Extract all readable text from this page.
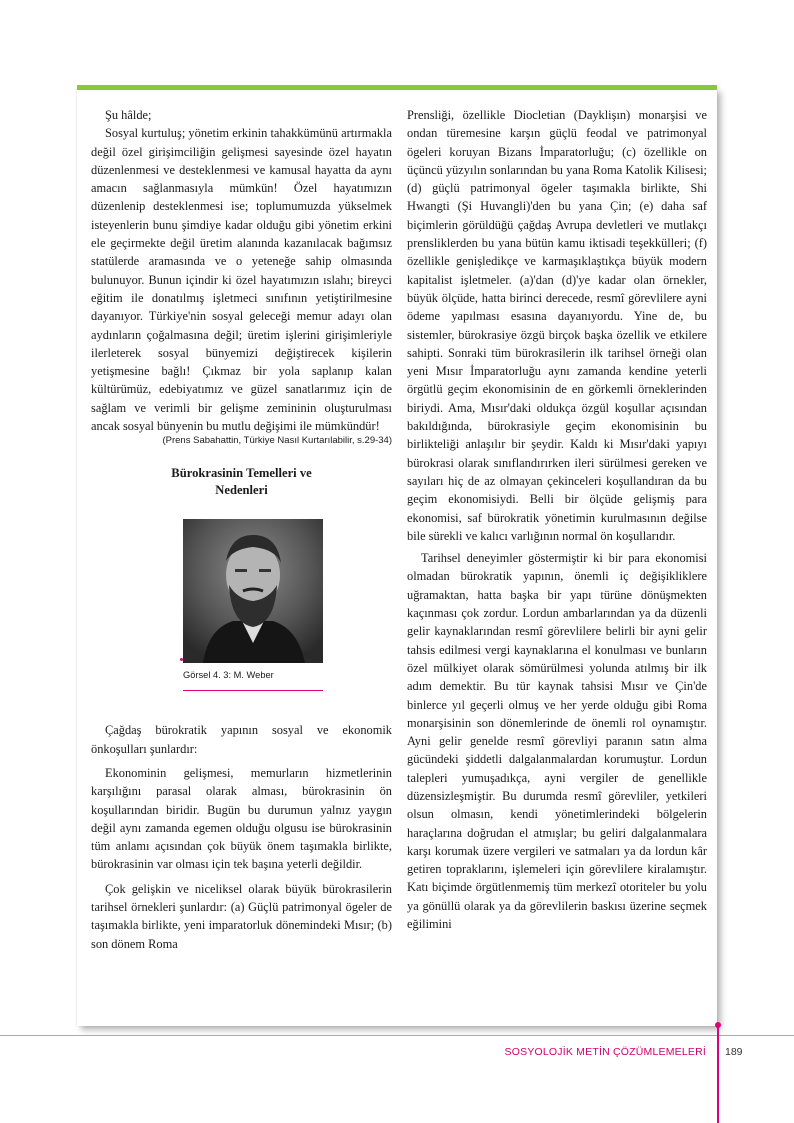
Şu hâlde;

Sosyal kurtuluş; yönetim erkinin tahakkümünü artırmakla değil özel girişimciliğin gelişmesi sayesinde özel hayatın düzenlenmesi ve desteklenmesi ve kamusal hayatta da aynı amacın sağlanmasıyla mümkün! Özel hayatımızın düzenlenip desteklenmesi ise; toplumumuzda yükselmek isteyenlerin bunu şimdiye kadar olduğu gibi yönetim erkini ele geçirmekte değil üretim alanında kazanılacak bağımsız statülerde aramasında ve o yeteneğe sahip olmasında bulunuyor. Bunun içindir ki özel hayatımızın ıslahı; bireyci eğitim ile donatılmış işletmeci sınıfının yetiştirilmesine dayanıyor. Türkiye'nin sosyal geleceği memur adayı olan aydınların çoğalmasına değil; üretim işlerini girişimleriyle ilerleterek sosyal bünyemizi değiştirecek kişilerin yetişmesine bağlı! Çıkmaz bir yola saplanıp kalan kültürümüz, edebiyatımız ve güzel sanatlarımız için de sağlam ve verimli bir gelişme zemininin oluşturulması ancak sosyal bünyenin bu mutlu değişimi ile mümkündür!

(Prens Sabahattin, Türkiye Nasıl Kurtarılabilir, s.29-34)

Bürokrasinin Temelleri ve
Nedenleri
Görsel 4. 3: M. Weber

Çağdaş bürokratik yapının sosyal ve ekonomik önkoşulları şunlardır:

Ekonominin gelişmesi, memurların hizmetlerinin karşılığını parasal olarak alması, bürokrasinin ön koşullarından biridir. Bugün bu durumun yalnız yaygın değil aynı zamanda egemen olduğu olgusu ise bürokrasinin tüm anlamı açısından çok büyük önem taşımakla birlikte, bürokrasinin var olması için tek başına yeterli değildir.

Çok gelişkin ve niceliksel olarak büyük bürokrasilerin tarihsel örnekleri şunlardır: (a) Güçlü patrimonyal ögeler de taşımakla birlikte, yeni imparatorluk dönemindeki Mısır; (b) son dönem Roma

Prensliği, özellikle Diocletian (Dayklişın) monarşisi ve ondan türemesine karşın güçlü feodal ve patrimonyal ögeleri koruyan Bizans İmparatorluğu; (c) özellikle on üçüncü yüzyılın sonlarından bu yana Roma Katolik Kilisesi; (d) güçlü patrimonyal ögeler taşımakla birlikte, Shi Hwangti (Şi Huvangli)'den bu yana Çin; (e) daha saf biçimlerin görüldüğü çağdaş Avrupa devletleri ve mutlakçı prensliklerden bu yana bütün kamu iktisadi teşekkülleri; (f) özellikle genişledikçe ve karmaşıklaştıkça büyük modern kapitalist işletmeler. (a)'dan (d)'ye kadar olan örnekler, büyük ölçüde, hatta birinci derecede, resmî görevlilere ayni ödeme yapılması esasına dayanıyordu. Yine de, bu sistemler, bürokrasiye özgü birçok başka özellik ve etkilere sahipti. Sonraki tüm bürokrasilerin ilk tarihsel örneği olan yeni Mısır İmparatorluğu aynı zamanda kendine yeterli örgütlü geçim ekonomisinin de en görkemli örneklerinden biriydi. Ama, Mısır'daki oldukça özgül koşullar açısından bakıldığında, bürokrasiyle geçim ekonomisinin bu birlikteliği anlaşılır bir şeydir. Kaldı ki Mısır'daki yapıyı bürokrasi olarak sınıflandırırken ileri sürülmesi gereken ve sayıları hiç de az olmayan çekinceleri koşullandıran da bu geçim ekonomisiydi. Belli bir ölçüde gelişmiş para ekonomisi, saf bürokratik yönetimin kurulmasının değilse bile sürekli ve kalıcı varlığının normal ön koşullarıdır.

Tarihsel deneyimler göstermiştir ki bir para ekonomisi olmadan bürokratik yapının, önemli iç değişikliklere uğramaktan, hatta başka bir yapı türüne dönüşmekten kaçınması çok zordur. Lordun ambarlarından ya da düzenli gelir kaynaklarından resmî görevlilere belirli bir ayni gelir tahsis edilmesi vergi kaynaklarına el konulması ve bunların özel mülkiyet olarak sömürülmesi yolunda atılmış bir ilk adım demektir. Bu tür kaynak tahsisi Mısır ve Çin'de binlerce yıl geçerli olmuş ve her yerde olduğu gibi Roma monarşisinin son dönemlerinde de önemli rol oynamıştır. Ayni gelir genelde resmî görevliyi paranın satın alma gücündeki şiddetli dalgalanmalardan korumuştur. Lordun talepleri yumuşadıkça, ayni vergiler de genellikle düzensizleşmiştir. Bu durumda resmî görevliler, yetkileri olsun olmasın, kendi yönetimlerindeki bölgelerin haraçlarına doğrudan el atmışlar; bu geliri dalgalanmalara karşı korumak üzere vergileri ve satmaları ya da lordun kâr getiren topraklarını, işlemeleri için görevlilere kiralamıştır. Katı biçimde örgütlenmemiş tüm merkezî otoriteler bu yolu ya gönüllü olarak ya da görevlilerin baskısı üzerine seçmek eğilimini

SOSYOLOJİK METİN ÇÖZÜMLEMELERİ 189
